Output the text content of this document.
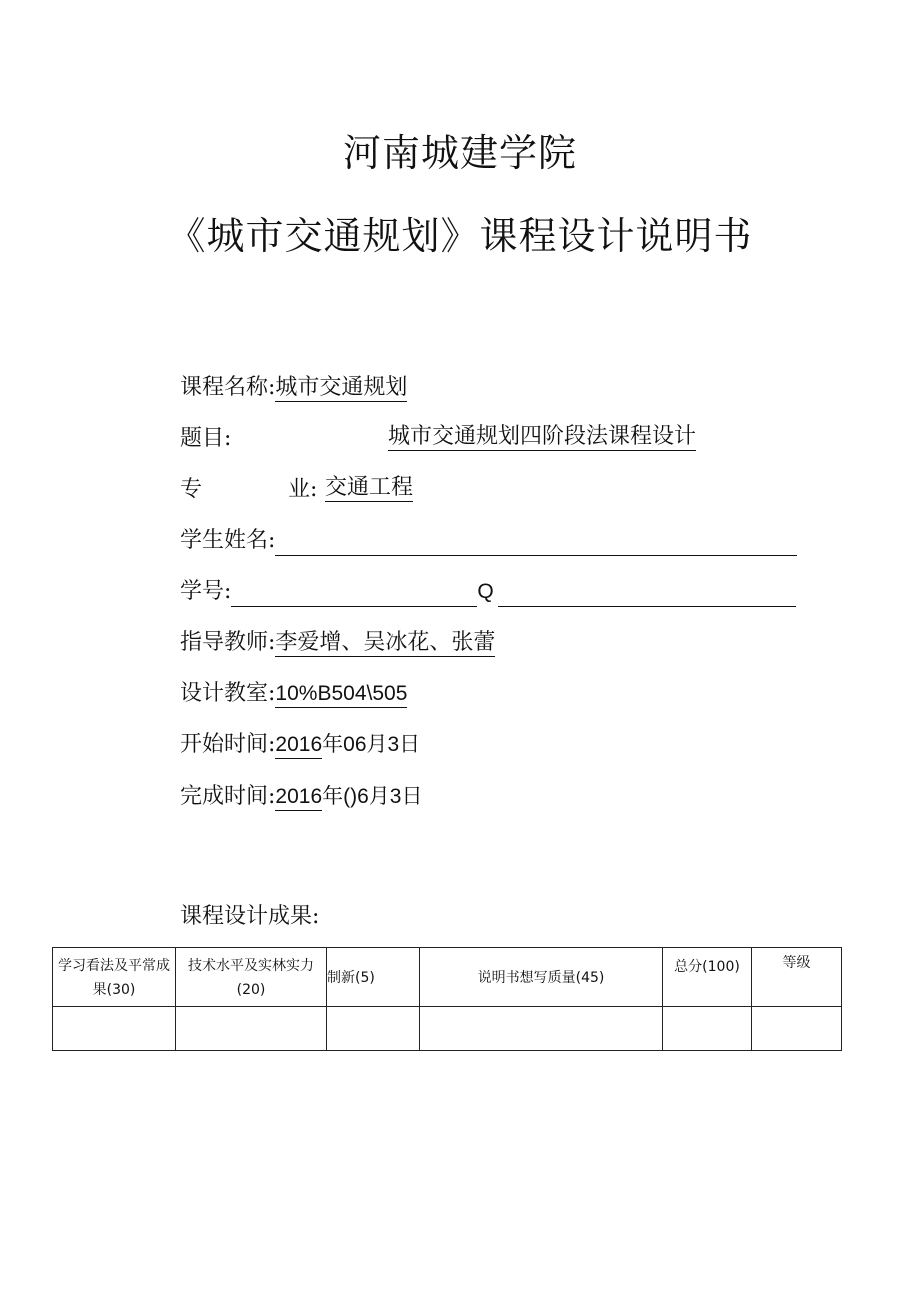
河南城建学院
《城市交通规划》课程设计说明书
课程名称:城市交通规划
题目:	城市交通规划四阶段法课程设计
专	业: 交通工程
学生姓名:
学号:	Q
指导教师:李爱增、吴冰花、张蕾
设计教室:10%B504\505
开始时间:2016年06月3日
完成时间:2016年()6月3日
课程设计成果:
学习看法及平常成果(30)	技术水平及实林实力(20)	制新(5)	说明书想写质量(45)	总分(100)	等级
